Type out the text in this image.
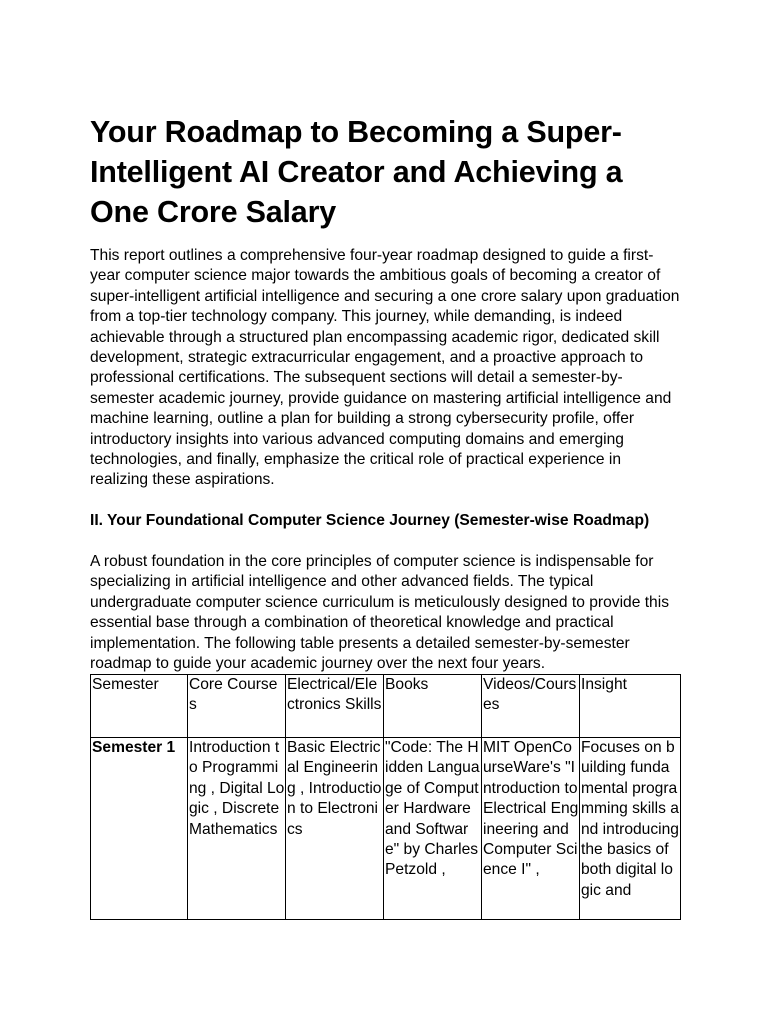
Your Roadmap to Becoming a Super-Intelligent AI Creator and Achieving a One Crore Salary

This report outlines a comprehensive four-year roadmap designed to guide a first-year computer science major towards the ambitious goals of becoming a creator of super-intelligent artificial intelligence and securing a one crore salary upon graduation from a top-tier technology company. This journey, while demanding, is indeed achievable through a structured plan encompassing academic rigor, dedicated skill development, strategic extracurricular engagement, and a proactive approach to professional certifications. The subsequent sections will detail a semester-by-semester academic journey, provide guidance on mastering artificial intelligence and machine learning, outline a plan for building a strong cybersecurity profile, offer introductory insights into various advanced computing domains and emerging technologies, and finally, emphasize the critical role of practical experience in realizing these aspirations.

II. Your Foundational Computer Science Journey (Semester-wise Roadmap)

A robust foundation in the core principles of computer science is indispensable for specializing in artificial intelligence and other advanced fields. The typical undergraduate computer science curriculum is meticulously designed to provide this essential base through a combination of theoretical knowledge and practical implementation. The following table presents a detailed semester-by-semester roadmap to guide your academic journey over the next four years.

Semester	Core Courses	Electrical/Electronics Skills	Books	Videos/Courses	Insight
Semester 1	Introduction to Programming , Digital Logic , Discrete Mathematics	Basic Electrical Engineering , Introduction to Electronics	"Code: The Hidden Language of Computer Hardware and Software" by Charles Petzold ,	MIT OpenCourseWare's "Introduction to Electrical Engineering and Computer Science I" ,	Focuses on building fundamental programming skills and introducing the basics of both digital logic and
